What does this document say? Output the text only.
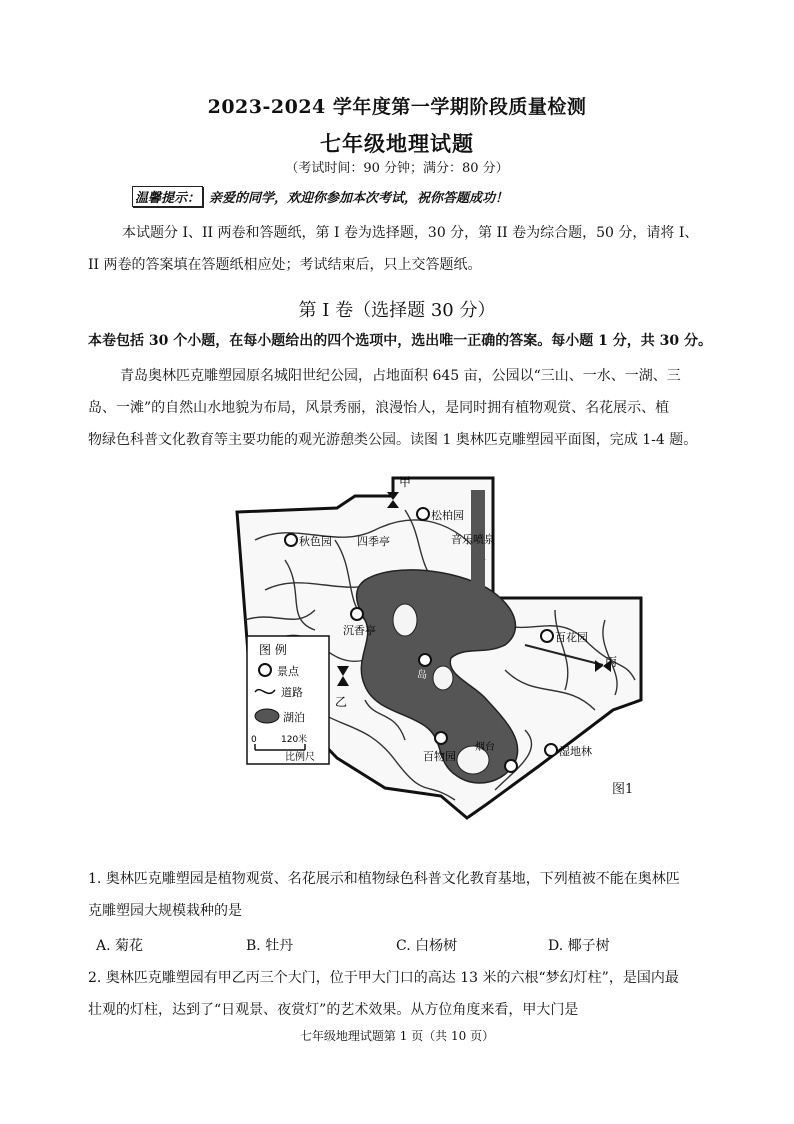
2023-2024 学年度第一学期阶段质量检测
七年级地理试题
（考试时间：90 分钟；满分：80 分）
温馨提示： 亲爱的同学，欢迎你参加本次考试，祝你答题成功！
本试题分 I、II 两卷和答题纸，第 I 卷为选择题，30 分，第 II 卷为综合题，50 分，请将 I、
II 两卷的答案填在答题纸相应处；考试结束后，只上交答题纸。
第 I 卷（选择题 30 分）
本卷包括 30 个小题，在每小题给出的四个选项中，选出唯一正确的答案。每小题 1 分，共 30 分。
青岛奥林匹克雕塑园原名城阳世纪公园，占地面积 645 亩，公园以“三山、一水、一湖、三
岛、一滩”的自然山水地貌为布局，风景秀丽，浪漫怡人，是同时拥有植物观赏、名花展示、植
物绿色科普文化教育等主要功能的观光游憩类公园。读图 1 奥林匹克雕塑园平面图，完成 1-4 题。
甲
乙
丙
松柏园
秋色园 四季亭	音乐喷泉
沉香亭
百花园
岛
百物园
烟台	湿地林
图 例
景点
道路
湖泊
0	120米
比例尺
图1
1. 奥林匹克雕塑园是植物观赏、名花展示和植物绿色科普文化教育基地，下列植被不能在奥林匹
克雕塑园大规模栽种的是
A. 菊花	B. 牡丹	C. 白杨树	D. 椰子树
2. 奥林匹克雕塑园有甲乙丙三个大门，位于甲大门口的高达 13 米的六根“梦幻灯柱”，是国内最
壮观的灯柱，达到了“日观景、夜赏灯”的艺术效果。从方位角度来看，甲大门是
七年级地理试题第 1 页（共 10 页）
